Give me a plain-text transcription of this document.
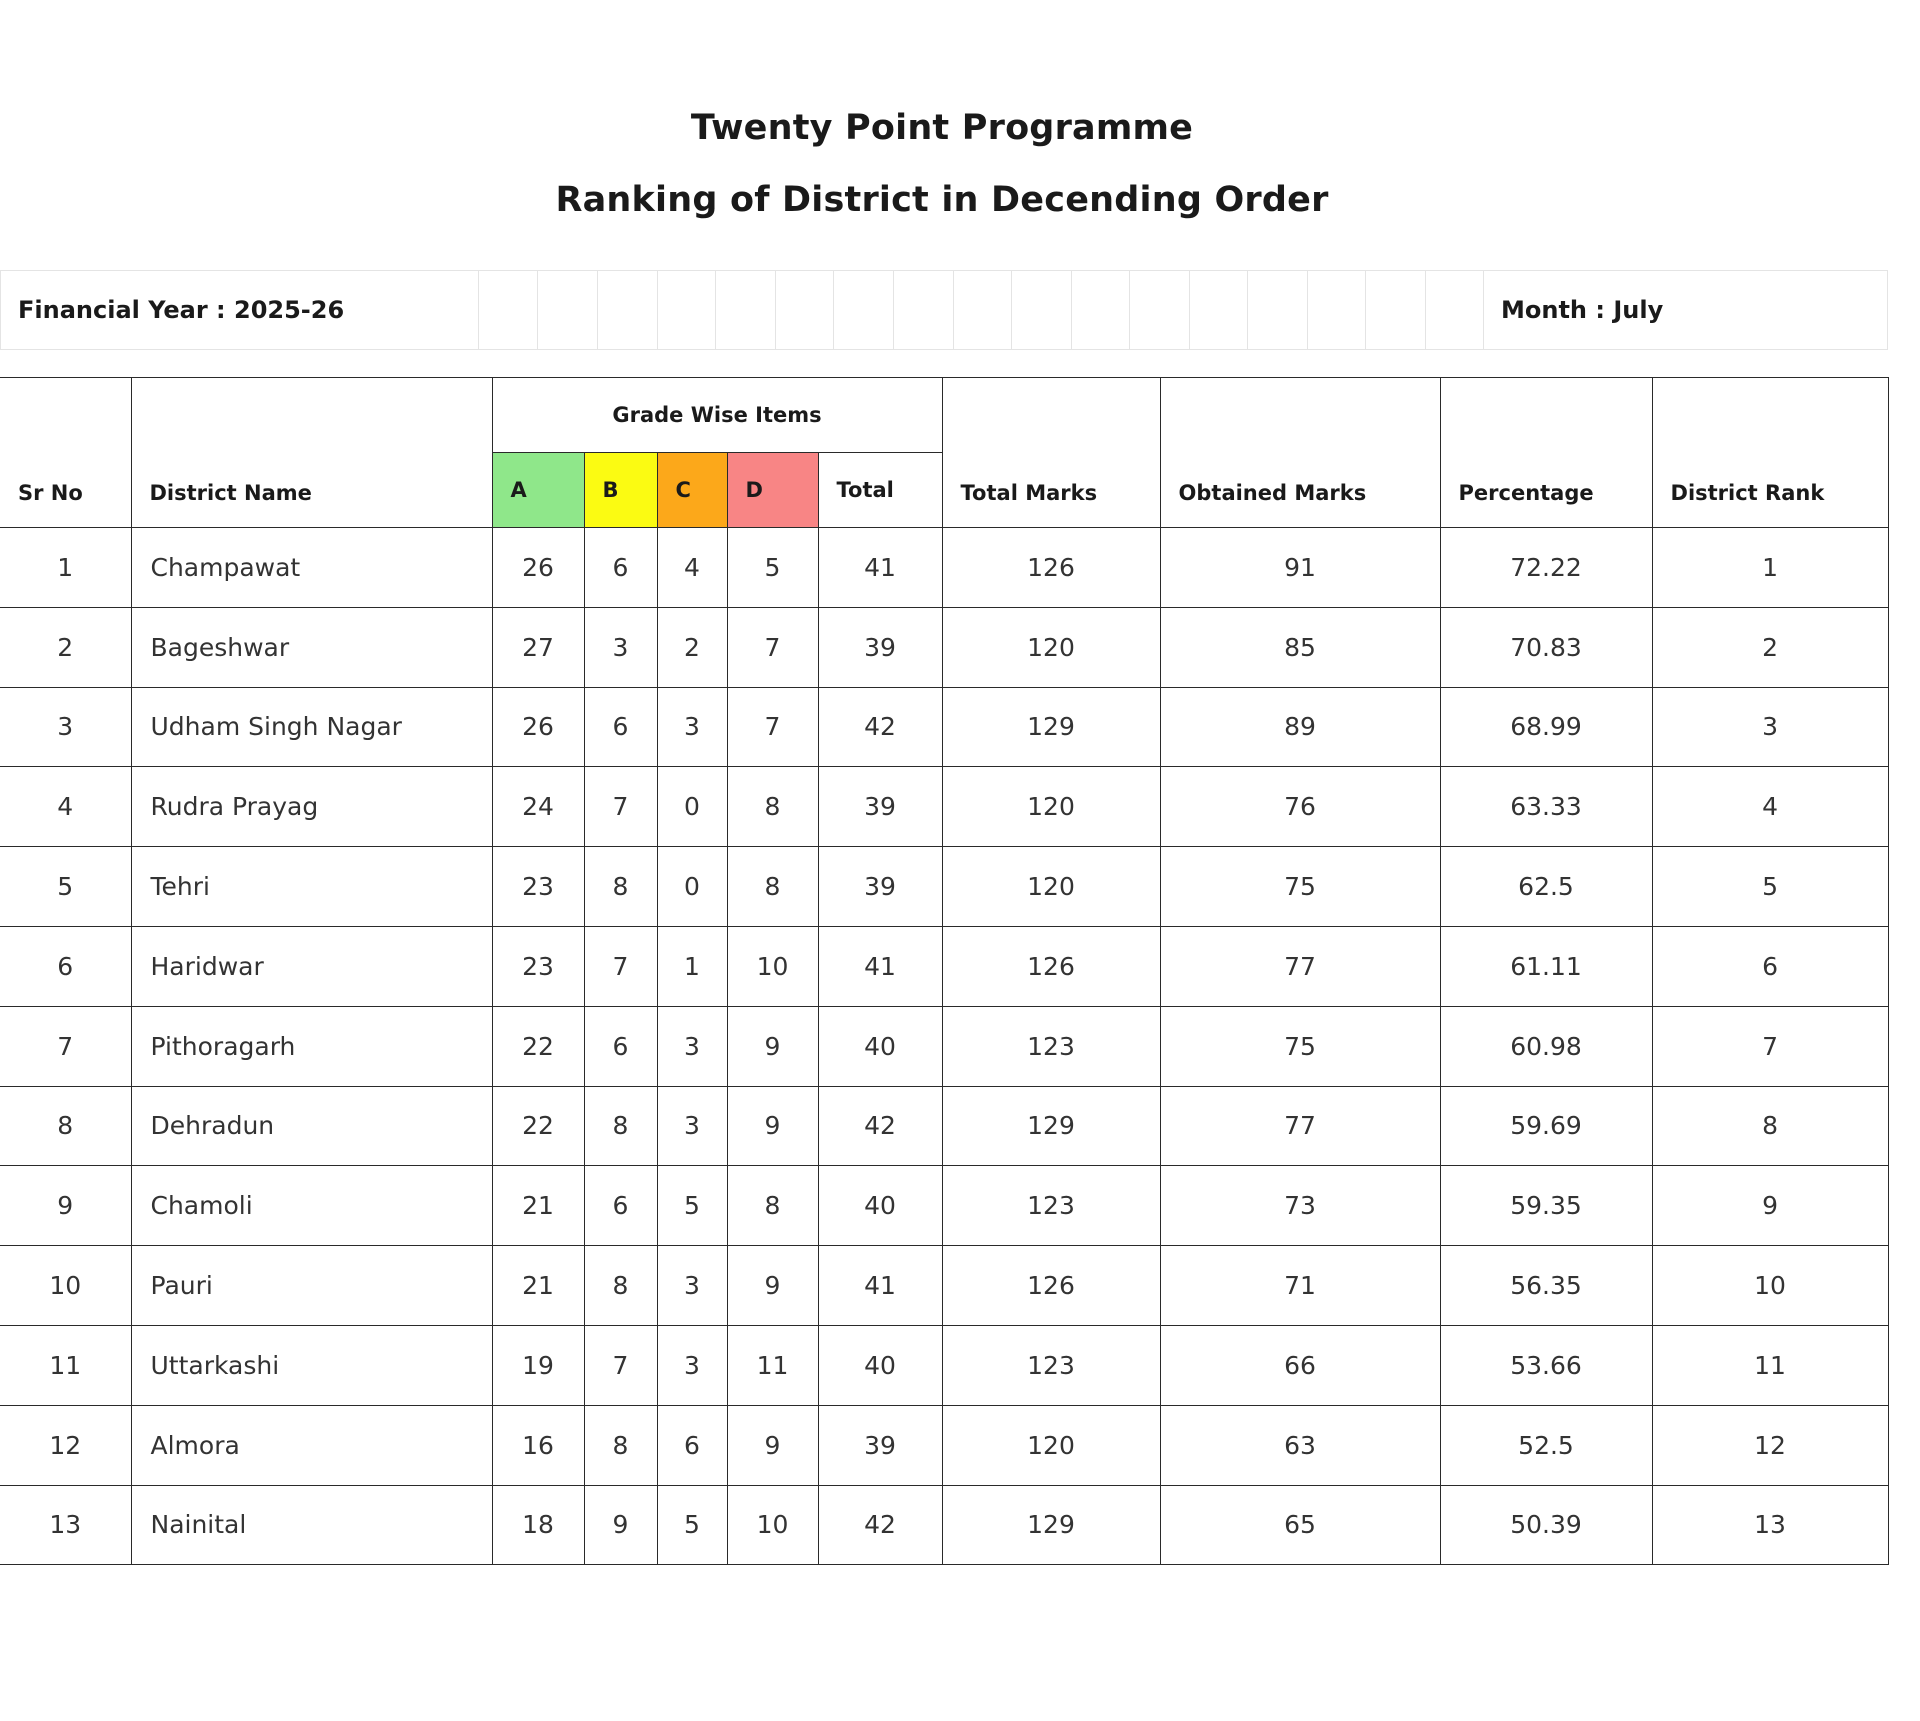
Twenty Point Programme
Ranking of District in Decending Order
Financial Year : 2025-26	Month : July
Sr No	District Name	Grade Wise Items					Total Marks	Obtained Marks	Percentage	District Rank
		A	B	C	D	Total				
1	Champawat	26	6	4	5	41	126	91	72.22	1
2	Bageshwar	27	3	2	7	39	120	85	70.83	2
3	Udham Singh Nagar	26	6	3	7	42	129	89	68.99	3
4	Rudra Prayag	24	7	0	8	39	120	76	63.33	4
5	Tehri	23	8	0	8	39	120	75	62.5	5
6	Haridwar	23	7	1	10	41	126	77	61.11	6
7	Pithoragarh	22	6	3	9	40	123	75	60.98	7
8	Dehradun	22	8	3	9	42	129	77	59.69	8
9	Chamoli	21	6	5	8	40	123	73	59.35	9
10	Pauri	21	8	3	9	41	126	71	56.35	10
11	Uttarkashi	19	7	3	11	40	123	66	53.66	11
12	Almora	16	8	6	9	39	120	63	52.5	12
13	Nainital	18	9	5	10	42	129	65	50.39	13
